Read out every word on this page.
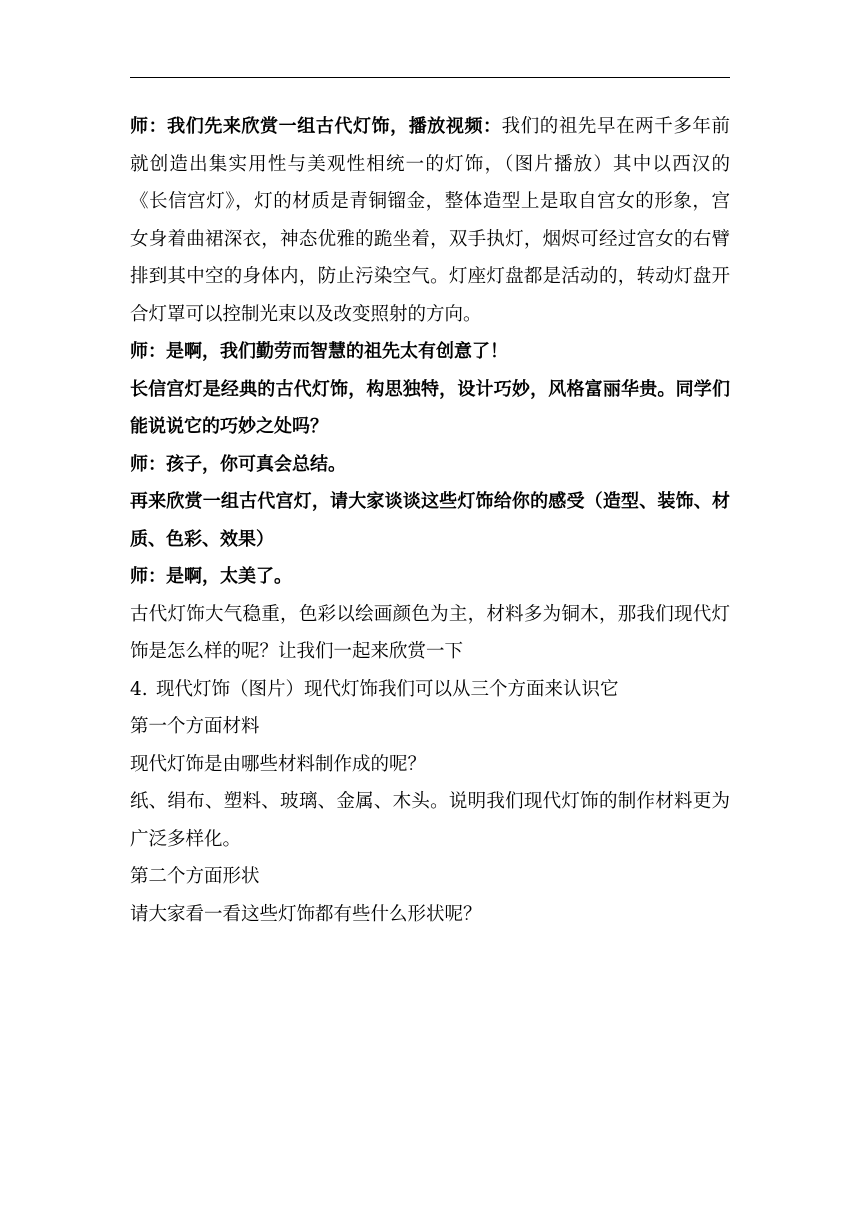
师：我们先来欣赏一组古代灯饰，播放视频：我们的祖先早在两千多年前就创造出集实用性与美观性相统一的灯饰，（图片播放）其中以西汉的《长信宫灯》，灯的材质是青铜镏金，整体造型上是取自宫女的形象，宫女身着曲裙深衣，神态优雅的跪坐着，双手执灯，烟烬可经过宫女的右臂排到其中空的身体内，防止污染空气。灯座灯盘都是活动的，转动灯盘开合灯罩可以控制光束以及改变照射的方向。

师：是啊，我们勤劳而智慧的祖先太有创意了！

长信宫灯是经典的古代灯饰，构思独特，设计巧妙，风格富丽华贵。同学们能说说它的巧妙之处吗？

师：孩子，你可真会总结。

再来欣赏一组古代宫灯，请大家谈谈这些灯饰给你的感受（造型、装饰、材质、色彩、效果）

师：是啊，太美了。

古代灯饰大气稳重，色彩以绘画颜色为主，材料多为铜木，那我们现代灯饰是怎么样的呢？让我们一起来欣赏一下

4. 现代灯饰（图片）现代灯饰我们可以从三个方面来认识它

第一个方面材料

现代灯饰是由哪些材料制作成的呢？

纸、绢布、塑料、玻璃、金属、木头。说明我们现代灯饰的制作材料更为广泛多样化。

第二个方面形状

请大家看一看这些灯饰都有些什么形状呢？
